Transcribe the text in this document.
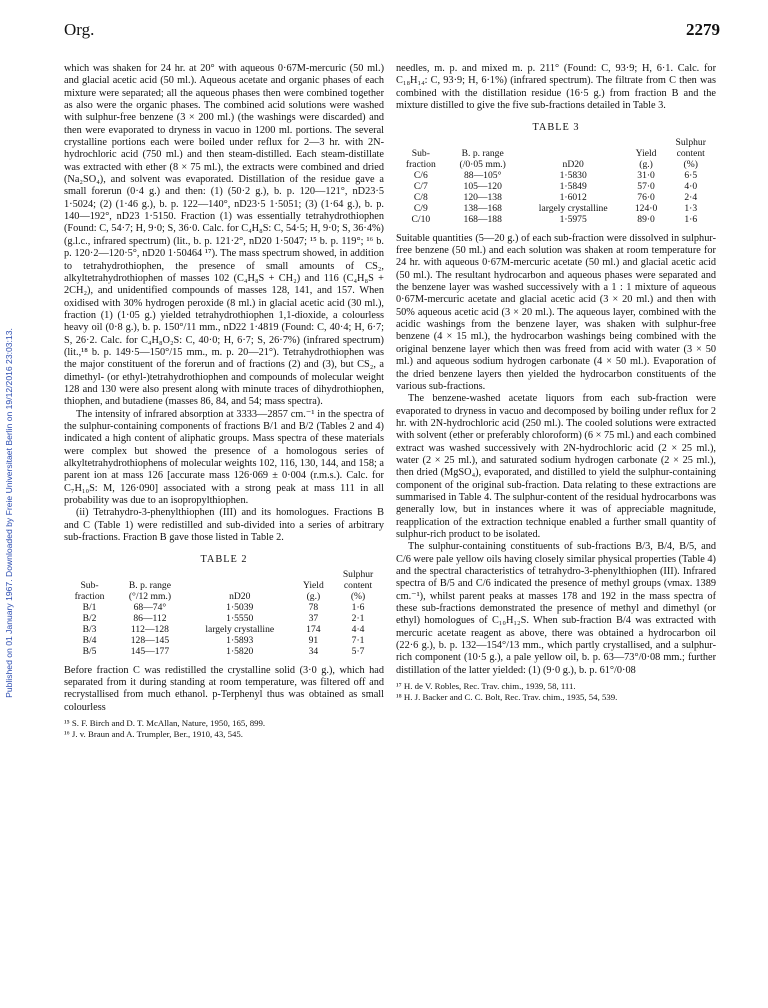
Published on 01 January 1967. Downloaded by Freie Universitaet Berlin on 19/12/2016 23:03:13.
Org.	2279

which was shaken for 24 hr. at 20° with aqueous 0·67M-mercuric (50 ml.) and glacial acetic acid (50 ml.). Aqueous acetate and organic phases of each mixture were separated; all the aqueous phases then were combined together as also were the organic phases. The combined acid solutions were washed with sulphur-free benzene (3 × 200 ml.) (the washings were discarded) and then were evaporated to dryness in vacuo in 1200 ml. portions. The several crystalline portions each were boiled under reflux for 2—3 hr. with 2N-hydrochloric acid (750 ml.) and then steam-distilled. Each steam-distillate was extracted with ether (8 × 75 ml.), the extracts were combined and dried (Na₂SO₄), and solvent was evaporated. Distillation of the residue gave a small forerun (0·4 g.) and then: (1) (50·2 g.), b. p. 120—121°, nD23·5 1·5024; (2) (1·46 g.), b. p. 122—140°, nD23·5 1·5051; (3) (1·64 g.), b. p. 140—192°, nD23 1·5150. Fraction (1) was essentially tetrahydrothiophen (Found: C, 54·7; H, 9·0; S, 36·0. Calc. for C₄H₈S: C, 54·5; H, 9·0; S, 36·4%) (g.l.c., infrared spectrum) (lit., b. p. 121·2°, nD20 1·5047; ¹⁵ b. p. 119°; ¹⁶ b. p. 120·2—120·5°, nD20 1·50464 ¹⁷). The mass spectrum showed, in addition to tetrahydrothiophen, the presence of small amounts of CS₂, alkyltetrahydrothiophen of masses 102 (C₄H₈S + CH₂) and 116 (C₄H₈S + 2CH₂), and unidentified compounds of masses 128, 141, and 157. When oxidised with 30% hydrogen peroxide (8 ml.) in glacial acetic acid (30 ml.), fraction (1) (1·05 g.) yielded tetrahydrothiophen 1,1-dioxide, a colourless heavy oil (0·8 g.), b. p. 150°/11 mm., nD22 1·4819 (Found: C, 40·4; H, 6·7; S, 26·2. Calc. for C₄H₈O₂S: C, 40·0; H, 6·7; S, 26·7%) (infrared spectrum) (lit.,¹⁸ b. p. 149·5—150°/15 mm., m. p. 20—21°). Tetrahydrothiophen was the major constituent of the forerun and of fractions (2) and (3), but CS₂, a dimethyl- (or ethyl-)tetrahydrothiophen and compounds of molecular weight 128 and 130 were also present along with minute traces of dihydrothiophen, thiophen, and butadiene (masses 86, 84, and 54; mass spectra).

The intensity of infrared absorption at 3333—2857 cm.⁻¹ in the spectra of the sulphur-containing components of fractions B/1 and B/2 (Tables 2 and 4) indicated a high content of aliphatic groups. Mass spectra of these materials were complex but showed the presence of a homologous series of alkyltetrahydrothiophens of molecular weights 102, 116, 130, 144, and 158; a parent ion at mass 126 [accurate mass 126·069 ± 0·004 (r.m.s.). Calc. for C₇H₁₀S: M, 126·090] associated with a strong peak at mass 111 in all probability was due to an isopropylthiophen.

(ii) Tetrahydro-3-phenylthiophen (III) and its homologues. Fractions B and C (Table 1) were redistilled and sub-divided into a series of arbitrary sub-fractions. Fraction B gave those listed in Table 2.

TABLE 2
Sub-
fraction	B. p. range
(°/12 mm.)	nD20	Yield
(g.)	Sulphur
content
(%)
B/1	68—74°	1·5039	78	1·6
B/2	86—112	1·5550	37	2·1
B/3	112—128	largely crystalline	174	4·4
B/4	128—145	1·5893	91	7·1
B/5	145—177	1·5820	34	5·7

Before fraction C was redistilled the crystalline solid (3·0 g.), which had separated from it during standing at room temperature, was filtered off and recrystallised from much ethanol. p-Terphenyl thus was obtained as small colourless

¹⁵ S. F. Birch and D. T. McAllan, Nature, 1950, 165, 899.

¹⁶ J. v. Braun and A. Trumpler, Ber., 1910, 43, 545.

needles, m. p. and mixed m. p. 211° (Found: C, 93·9; H, 6·1. Calc. for C₁₈H₁₄: C, 93·9; H, 6·1%) (infrared spectrum). The filtrate from C then was combined with the distillation residue (16·5 g.) from fraction B and the mixture distilled to give the five sub-fractions detailed in Table 3.

TABLE 3
Sub-
fraction	B. p. range
(/0·05 mm.)	nD20	Yield
(g.)	Sulphur
content
(%)
C/6	88—105°	1·5830	31·0	6·5
C/7	105—120	1·5849	57·0	4·0
C/8	120—138	1·6012	76·0	2·4
C/9	138—168	largely crystalline	124·0	1·3
C/10	168—188	1·5975	89·0	1·6

Suitable quantities (5—20 g.) of each sub-fraction were dissolved in sulphur-free benzene (50 ml.) and each solution was shaken at room temperature for 24 hr. with aqueous 0·67M-mercuric acetate (50 ml.) and glacial acetic acid (50 ml.). The resultant hydrocarbon and aqueous phases were separated and the benzene layer was washed successively with a 1 : 1 mixture of aqueous 0·67M-mercuric acetate and glacial acetic acid (3 × 20 ml.) and then with 50% aqueous acetic acid (3 × 20 ml.). The aqueous layer, combined with the acidic washings from the benzene layer, was shaken with sulphur-free benzene (4 × 15 ml.), the hydrocarbon washings being combined with the original benzene layer which then was freed from acid with water (3 × 50 ml.) and aqueous sodium hydrogen carbonate (4 × 50 ml.). Evaporation of the dried benzene layers then yielded the hydrocarbon constituents of the various sub-fractions.

The benzene-washed acetate liquors from each sub-fraction were evaporated to dryness in vacuo and decomposed by boiling under reflux for 2 hr. with 2N-hydrochloric acid (250 ml.). The cooled solutions were extracted with solvent (ether or preferably chloroform) (6 × 75 ml.) and each combined extract was washed successively with 2N-hydrochloric acid (2 × 25 ml.), water (2 × 25 ml.), and saturated sodium hydrogen carbonate (2 × 25 ml.), then dried (MgSO₄), evaporated, and distilled to yield the sulphur-containing component of the original sub-fraction. Data relating to these extractions are summarised in Table 4. The sulphur-content of the residual hydrocarbons was generally low, but in instances where it was of appreciable magnitude, reapplication of the extraction technique enabled a further small quantity of sulphur-rich product to be isolated.

The sulphur-containing constituents of sub-fractions B/3, B/4, B/5, and C/6 were pale yellow oils having closely similar physical properties (Table 4) and the spectral characteristics of tetrahydro-3-phenylthiophen (III). Infrared spectra of B/5 and C/6 indicated the presence of methyl groups (νmax. 1389 cm.⁻¹), whilst parent peaks at masses 178 and 192 in the mass spectra of these sub-fractions demonstrated the presence of methyl and dimethyl (or ethyl) homologues of C₁₀H₁₂S. When sub-fraction B/4 was extracted with mercuric acetate reagent as above, there was obtained a hydrocarbon oil (22·6 g.), b. p. 132—154°/13 mm., which partly crystallised, and a sulphur-rich component (10·5 g.), a pale yellow oil, b. p. 63—73°/0·08 mm.; further distillation of the latter yielded: (1) (9·0 g.), b. p. 61°/0·08

¹⁷ H. de V. Robles, Rec. Trav. chim., 1939, 58, 111.

¹⁸ H. J. Backer and C. C. Bolt, Rec. Trav. chim., 1935, 54, 539.
